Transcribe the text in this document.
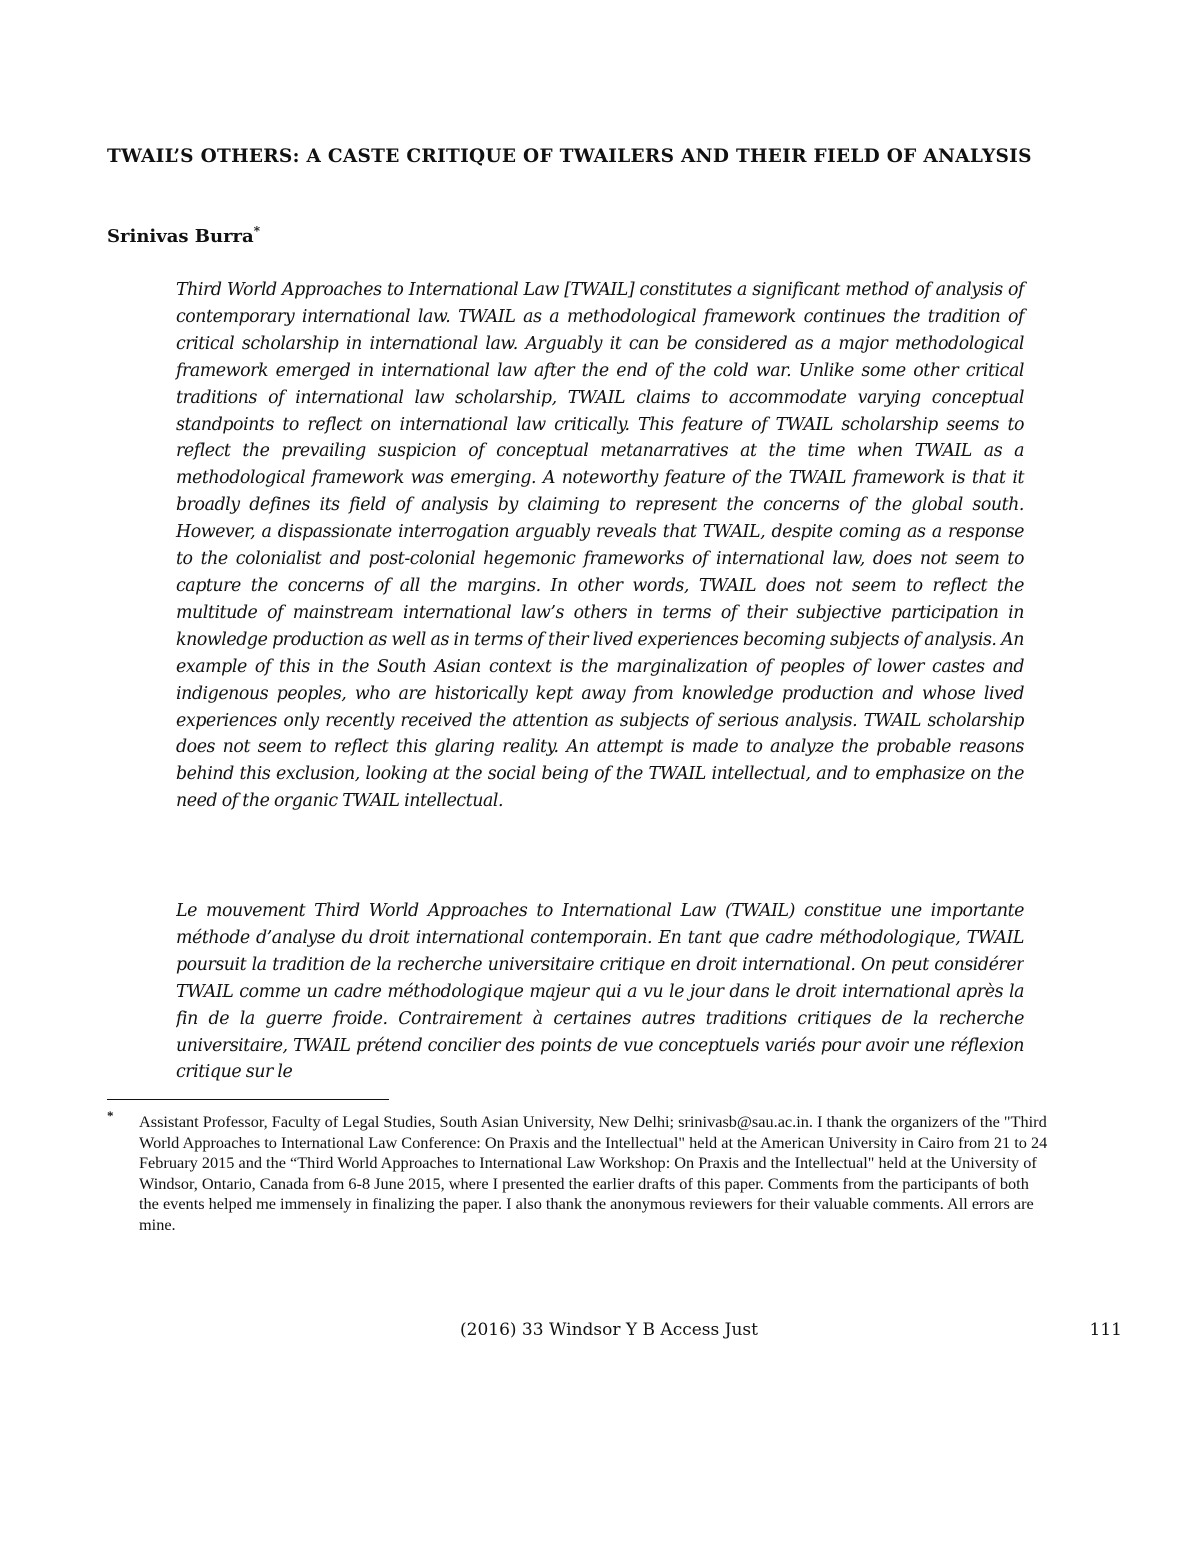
TWAIL’S OTHERS: A CASTE CRITIQUE OF TWAILERS AND THEIR FIELD OF ANALYSIS

Srinivas Burra*

Third World Approaches to International Law [TWAIL] constitutes a significant method of analysis of contemporary international law. TWAIL as a methodological framework continues the tradition of critical scholarship in international law. Arguably it can be considered as a major methodological framework emerged in international law after the end of the cold war. Unlike some other critical traditions of international law scholarship, TWAIL claims to accommodate varying conceptual standpoints to reflect on international law critically. This feature of TWAIL scholarship seems to reflect the prevailing suspicion of conceptual metanarratives at the time when TWAIL as a methodological framework was emerging. A noteworthy feature of the TWAIL framework is that it broadly defines its field of analysis by claiming to represent the concerns of the global south. However, a dispassionate interrogation arguably reveals that TWAIL, despite coming as a response to the colonialist and post-colonial hegemonic frameworks of international law, does not seem to capture the concerns of all the margins. In other words, TWAIL does not seem to reflect the multitude of mainstream international law’s others in terms of their subjective participation in knowledge production as well as in terms of their lived experiences becoming subjects of analysis. An example of this in the South Asian context is the marginalization of peoples of lower castes and indigenous peoples, who are historically kept away from knowledge production and whose lived experiences only recently received the attention as subjects of serious analysis. TWAIL scholarship does not seem to reflect this glaring reality. An attempt is made to analyze the probable reasons behind this exclusion, looking at the social being of the TWAIL intellectual, and to emphasize on the need of the organic TWAIL intellectual.

Le mouvement Third World Approaches to International Law (TWAIL) constitue une importante méthode d’analyse du droit international contemporain. En tant que cadre méthodologique, TWAIL poursuit la tradition de la recherche universitaire critique en droit international. On peut considérer TWAIL comme un cadre méthodologique majeur qui a vu le jour dans le droit international après la fin de la guerre froide. Contrairement à certaines autres traditions critiques de la recherche universitaire, TWAIL prétend concilier des points de vue conceptuels variés pour avoir une réflexion critique sur le

* Assistant Professor, Faculty of Legal Studies, South Asian University, New Delhi; srinivasb@sau.ac.in. I thank the organizers of the "Third World Approaches to International Law Conference: On Praxis and the Intellectual" held at the American University in Cairo from 21 to 24 February 2015 and the “Third World Approaches to International Law Workshop: On Praxis and the Intellectual" held at the University of Windsor, Ontario, Canada from 6-8 June 2015, where I presented the earlier drafts of this paper. Comments from the participants of both the events helped me immensely in finalizing the paper. I also thank the anonymous reviewers for their valuable comments. All errors are mine.

(2016) 33 Windsor Y B Access Just	111
